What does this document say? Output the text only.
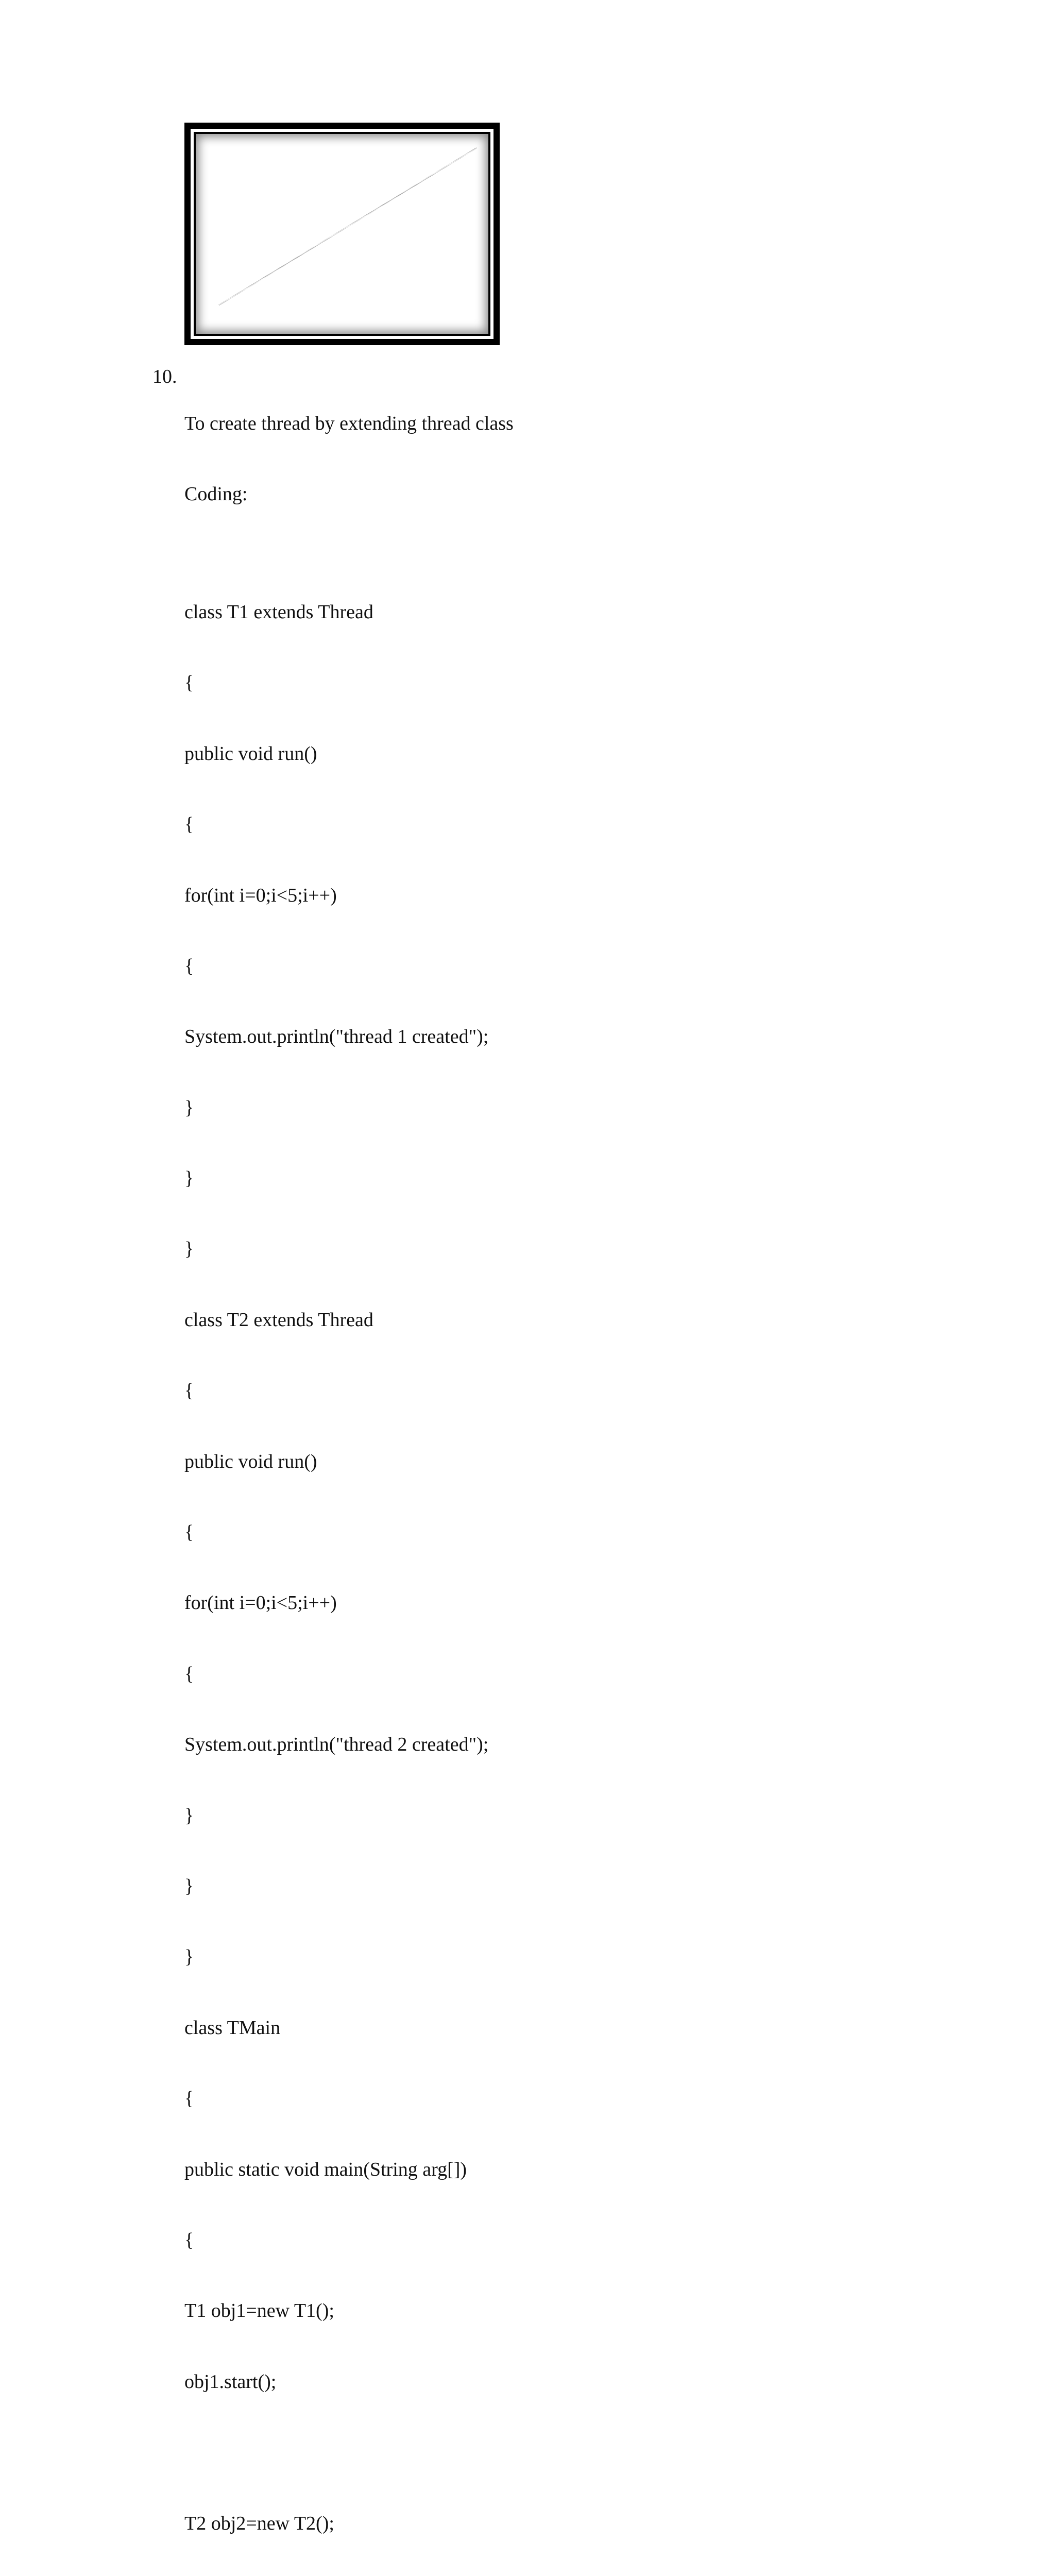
10.

To create thread by extending thread class

Coding:

class T1 extends Thread

{

public void run()

{

for(int i=0;i<5;i++)

{

System.out.println("thread 1 created");

}

}

}

class T2 extends Thread

{

public void run()

{

for(int i=0;i<5;i++)

{

System.out.println("thread 2 created");

}

}

}

class TMain

{

public static void main(String arg[])

{

T1 obj1=new T1();

obj1.start();

T2 obj2=new T2();
